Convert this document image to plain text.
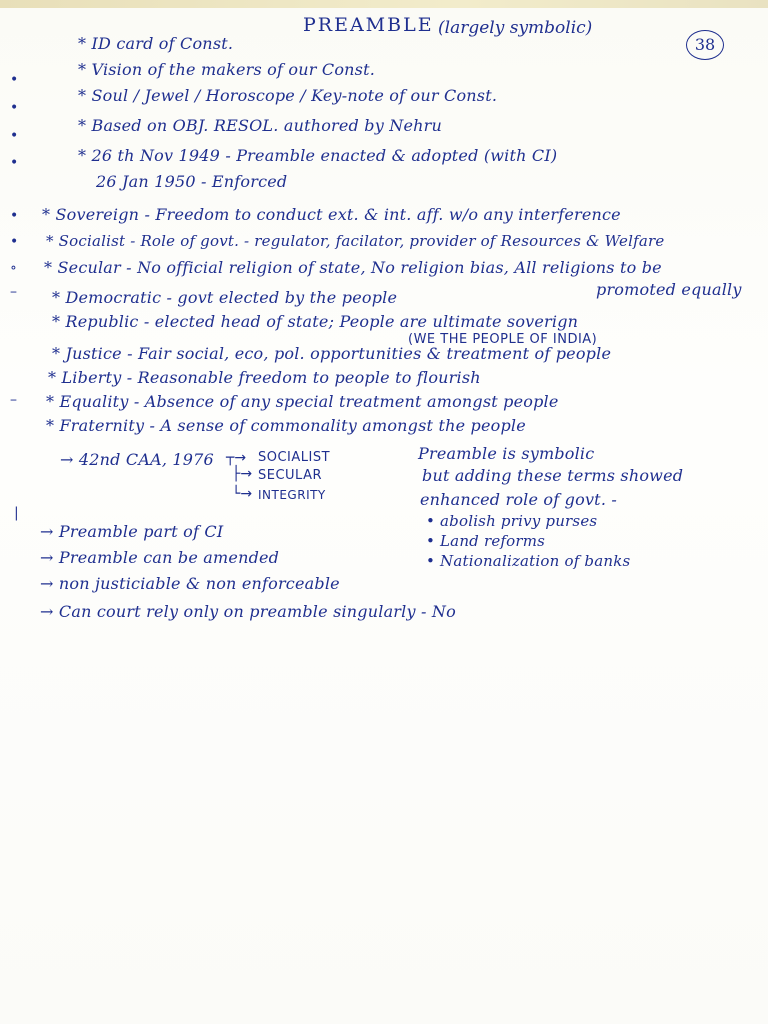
PREAMBLE (largely symbolic)
38
•
•
•
•
•
•
∘
–
–
|
* ID card of Const.
* Vision of the makers of our Const.
* Soul / Jewel / Horoscope / Key-note of our Const.
* Based on OBJ. RESOL. authored by Nehru
* 26 th Nov 1949 - Preamble enacted & adopted (with CI)
26 Jan 1950 - Enforced
* Sovereign - Freedom to conduct ext. & int. aff. w/o any interference
* Socialist - Role of govt. - regulator, facilator, provider of Resources & Welfare
* Secular - No official religion of state, No religion bias, All religions to be
promoted equally
* Democratic - govt elected by the people
* Republic - elected head of state; People are ultimate soverign
(WE THE PEOPLE OF INDIA)
* Justice - Fair social, eco, pol. opportunities & treatment of people
* Liberty - Reasonable freedom to people to flourish
* Equality - Absence of any special treatment amongst people
* Fraternity - A sense of commonality amongst the people
→ 42nd CAA, 1976 ┬→
├→
└→
SOCIALIST
SECULAR
INTEGRITY
Preamble is symbolic
but adding these terms showed
enhanced role of govt. -
• abolish privy purses
• Land reforms
• Nationalization of banks
→ Preamble part of CI
→ Preamble can be amended
→ non justiciable & non enforceable
→ Can court rely only on preamble singularly - No
